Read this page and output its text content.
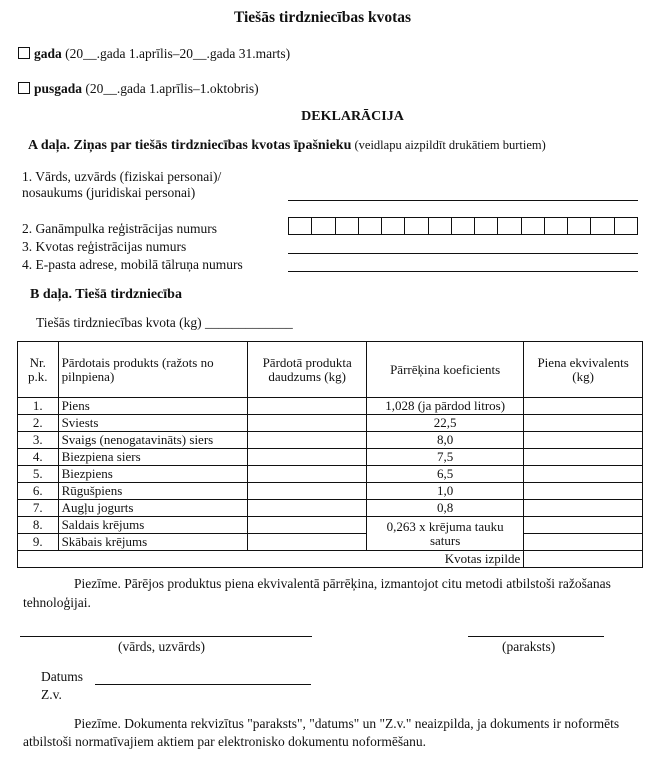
Tiešās tirdzniecības kvotas
gada (20__.gada 1.aprīlis–20__.gada 31.marts)
pusgada (20__.gada 1.aprīlis–1.oktobris)
DEKLARĀCIJA
A daļa. Ziņas par tiešās tirdzniecības kvotas īpašnieku (veidlapu aizpildīt drukātiem burtiem)
1. Vārds, uzvārds (fiziskai personai)/
nosaukums (juridiskai personai)
2. Ganāmpulka reģistrācijas numurs
3. Kvotas reģistrācijas numurs
4. E-pasta adrese, mobilā tālruņa numurs
B daļa. Tiešā tirdzniecība
Tiešās tirdzniecības kvota (kg) _____________
Nr. p.k.	Pārdotais produkts (ražots no pilnpiena)	Pārdotā produkta daudzums (kg)	Pārrēķina koeficients	Piena ekvivalents (kg)
1.	Piens		1,028 (ja pārdod litros)	
2.	Sviests		22,5	
3.	Svaigs (nenogatavināts) siers		8,0	
4.	Biezpiena siers		7,5	
5.	Biezpiens		6,5	
6.	Rūgušpiens		1,0	
7.	Augļu jogurts		0,8	
8.	Saldais krējums		0,263 x krējuma tauku saturs	
9.	Skābais krējums			
Kvotas izpilde				
Piezīme. Pārējos produktus piena ekvivalentā pārrēķina, izmantojot citu metodi atbilstoši ražošanas tehnoloģijai.
(vārds, uzvārds)	(paraksts)
Datums
Z.v.
Piezīme. Dokumenta rekvizītus "paraksts", "datums" un "Z.v." neaizpilda, ja dokuments ir noformēts atbilstoši normatīvajiem aktiem par elektronisko dokumentu noformēšanu.
